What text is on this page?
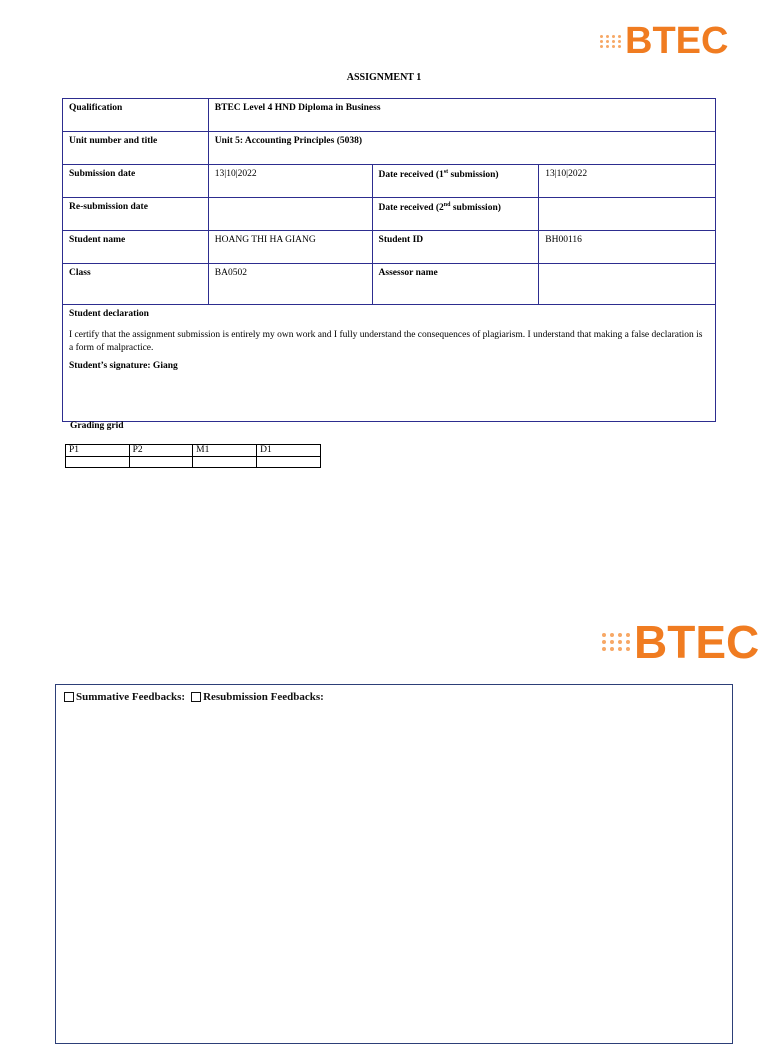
BTEC
ASSIGNMENT 1
Qualification	BTEC Level 4 HND Diploma in Business		
Unit number and title	Unit 5: Accounting Principles (5038)		
Submission date	13|10|2022	Date received (1st submission)	13|10|2022
Re-submission date		Date received (2nd submission)	
Student name	HOANG THI HA GIANG	Student ID	BH00116
Class	BA0502	Assessor name	

Student declaration
I certify that the assignment submission is entirely my own work and I fully understand the consequences of plagiarism. I understand that making a false declaration is a form of malpractice.
Student’s signature: Giang			
Grading grid
P1	P2	M1	D1

BTEC
Summative Feedbacks: Resubmission Feedbacks:
